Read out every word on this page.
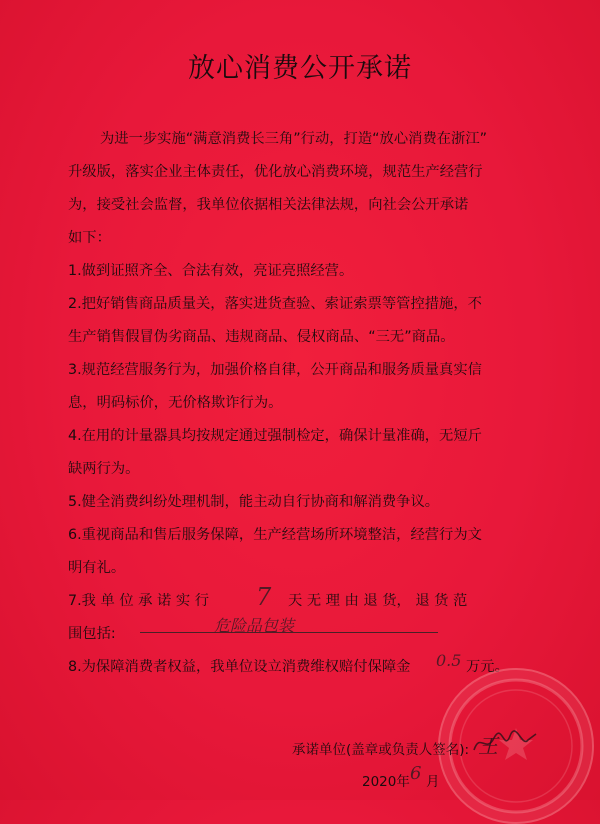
放心消费公开承诺
为进一步实施“满意消费长三角”行动，打造“放心消费在浙江”
升级版，落实企业主体责任，优化放心消费环境，规范生产经营行
为，接受社会监督，我单位依据相关法律法规，向社会公开承诺
如下：
1.做到证照齐全、合法有效，亮证亮照经营。
2.把好销售商品质量关，落实进货查验、索证索票等管控措施，不
生产销售假冒伪劣商品、违规商品、侵权商品、“三无”商品。
3.规范经营服务行为，加强价格自律，公开商品和服务质量真实信
息，明码标价，无价格欺诈行为。
4.在用的计量器具均按规定通过强制检定，确保计量准确，无短斤
缺两行为。
5.健全消费纠纷处理机制，能主动自行协商和解消费争议。
6.重视商品和售后服务保障，生产经营场所环境整洁，经营行为文
明有礼。
7.我 单 位 承 诺 实 行 7 天 无 理 由 退 货， 退 货 范
围包括:	危险品包装
8.为保障消费者权益，我单位设立消费维权赔付保障金 0.5 万元。
承诺单位(盖章或负责人签名): 王
2020年 6 月
